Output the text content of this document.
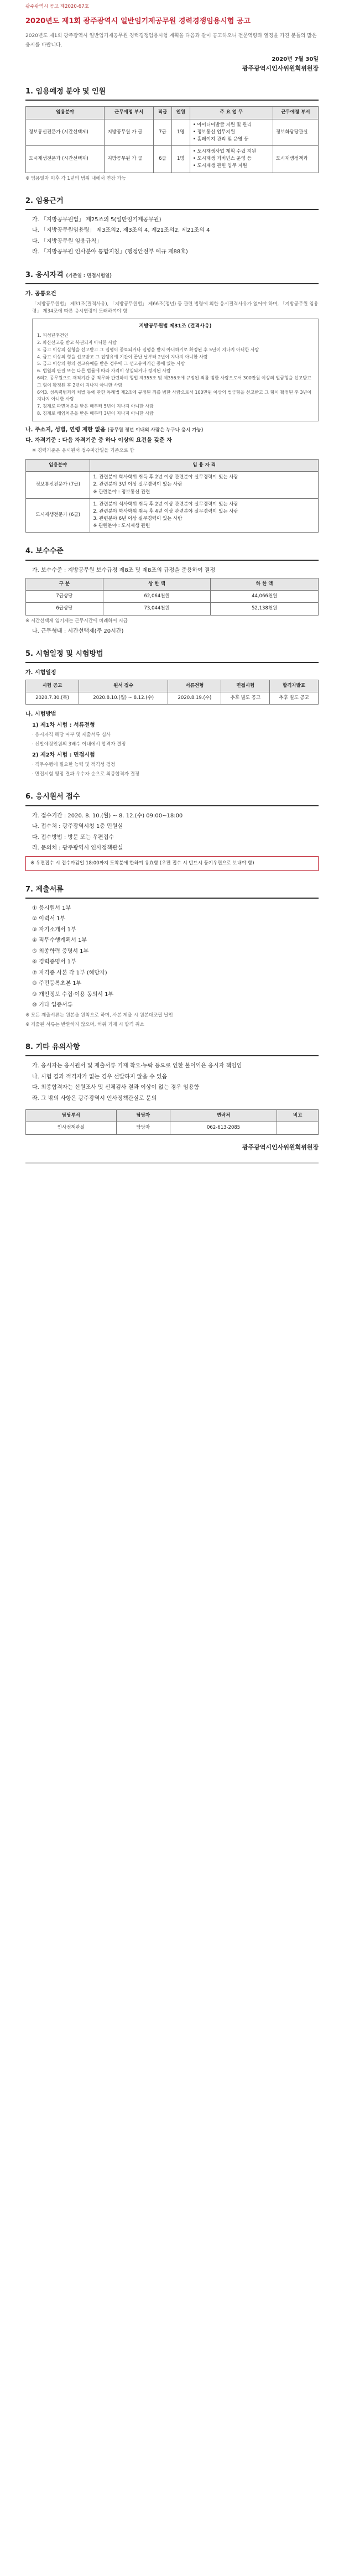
광주광역시 공고 제2020-67호
2020년도 제1회 광주광역시 일반임기제공무원 경력경쟁임용시험 공고
2020년도 제1회 광주광역시 일반임기제공무원 경력경쟁임용시험 계획을 다음과 같이 공고하오니 전문역량과 열정을 가진 분들의 많은 응시를 바랍니다.
2020년 7월 30일
광주광역시인사위원회위원장
1. 임용예정 분야 및 인원
임용분야	근무예정 부서	직급	인원	주 요 업 무	근무예정 부서
정보통신전문가 (시간선택제)	지방공무원 가 급	7급	1명	• 아이디어발굴 지원 및 관리
• 정보통신 업무지원
• 홈페이지 관리 및 운영 등	정보화담당관실
도시재생전문가 (시간선택제)	지방공무원 가 급	6급	1명	• 도시재생사업 계획 수립 지원
• 도시재생 거버넌스 운영 등
• 도시재생 관련 업무 지원	도시재생정책과
※ 임용일자 이후 각 1년의 범위 내에서 연장 가능
2. 임용근거
가. 「지방공무원법」 제25조의 5(일반임기제공무원)
나. 「지방공무원임용령」 제3조의2, 제3조의 4, 제21조의2, 제21조의 4
다. 「지방공무원 임용규칙」
라. 「지방공무원 인사분야 통합지침」(행정안전부 예규 제88호)
3. 응시자격 (기준일 : 면접시험일)
가. 공통요건
「지방공무원법」 제31조(결격사유), 「지방공무원법」 제66조(정년) 등 관련 법령에 의한 응시결격사유가 없어야 하며, 「지방공무원 임용령」 제34조에 따른 응시연령이 도래하여야 함
지방공무원법 제31조 (결격사유)
1. 피성년후견인
2. 파산선고를 받고 복권되지 아니한 사람
3. 금고 이상의 실형을 선고받고 그 집행이 종료되거나 집행을 받지 아니하기로 확정된 후 5년이 지나지 아니한 사람
4. 금고 이상의 형을 선고받고 그 집행유예 기간이 끝난 날부터 2년이 지나지 아니한 사람
5. 금고 이상의 형의 선고유예를 받은 경우에 그 선고유예기간 중에 있는 사람
6. 법원의 판결 또는 다른 법률에 따라 자격이 상실되거나 정지된 사람
6의2. 공무원으로 재직기간 중 직무와 관련하여 형법 제355조 및 제356조에 규정된 죄를 범한 사람으로서 300만원 이상의 벌금형을 선고받고 그 형이 확정된 후 2년이 지나지 아니한 사람
6의3. 성폭력범죄의 처벌 등에 관한 특례법 제2조에 규정된 죄를 범한 사람으로서 100만원 이상의 벌금형을 선고받고 그 형이 확정된 후 3년이 지나지 아니한 사람
7. 징계로 파면처분을 받은 때부터 5년이 지나지 아니한 사람
8. 징계로 해임처분을 받은 때부터 3년이 지나지 아니한 사람
나. 주소지, 성별, 연령 제한 없음 (공무원 정년 이내의 사람은 누구나 응시 가능)
다. 자격기준 : 다음 자격기준 중 하나 이상의 요건을 갖춘 자
※ 경력기준은 응시원서 접수마감일을 기준으로 함
임용분야	임 용 자 격
정보통신전문가 (7급)	1. 관련분야 학사학위 취득 후 2년 이상 관련분야 실무경력이 있는 사람
2. 관련분야 3년 이상 실무경력이 있는 사람
※ 관련분야 : 정보통신 관련
도시재생전문가 (6급)	1. 관련분야 석사학위 취득 후 2년 이상 관련분야 실무경력이 있는 사람
2. 관련분야 학사학위 취득 후 4년 이상 관련분야 실무경력이 있는 사람
3. 관련분야 6년 이상 실무경력이 있는 사람
※ 관련분야 : 도시재생 관련
4. 보수수준
가. 보수수준 : 지방공무원 보수규정 제8조 및 제8조의 규정을 준용하여 결정
구 분	상 한 액	하 한 액
7급상당	62,064천원	44,066천원
6급상당	73,044천원	52,138천원
※ 시간선택제 임기제는 근무시간에 비례하여 지급
나. 근무형태 : 시간선택제(주 20시간)
5. 시험일정 및 시험방법
가. 시험일정
시험 공고	원서 접수	서류전형	면접시험	합격자발표
2020.7.30.(목)	2020.8.10.(월) ~ 8.12.(수)	2020.8.19.(수)	추후 별도 공고	추후 별도 공고
나. 시험방법
1) 제1차 시험 : 서류전형
· 응시자격 해당 여부 및 제출서류 심사
· 선발예정인원의 3배수 이내에서 합격자 결정
2) 제2차 시험 : 면접시험
· 직무수행에 필요한 능력 및 적격성 검정
· 면접시험 평정 결과 우수자 순으로 최종합격자 결정
6. 응시원서 접수
가. 접수기간 : 2020. 8. 10.(월) ~ 8. 12.(수) 09:00~18:00
나. 접수처 : 광주광역시청 1층 민원실
다. 접수방법 : 방문 또는 우편접수
라. 문의처 : 광주광역시 인사정책관실
※ 우편접수 시 접수마감일 18:00까지 도착분에 한하여 유효함 (우편 접수 시 반드시 등기우편으로 보내야 함)
7. 제출서류
① 응시원서 1부
② 이력서 1부
③ 자기소개서 1부
④ 직무수행계획서 1부
⑤ 최종학력 증명서 1부
⑥ 경력증명서 1부
⑦ 자격증 사본 각 1부 (해당자)
⑧ 주민등록초본 1부
⑨ 개인정보 수집·이용 동의서 1부
⑩ 기타 입증서류
※ 모든 제출서류는 원본을 원칙으로 하며, 사본 제출 시 원본대조필 날인
※ 제출된 서류는 반환하지 않으며, 허위 기재 시 합격 취소
8. 기타 유의사항
가. 응시자는 응시원서 및 제출서류 기재 착오·누락 등으로 인한 불이익은 응시자 책임임
나. 시험 결과 적격자가 없는 경우 선발하지 않을 수 있음
다. 최종합격자는 신원조사 및 신체검사 결과 이상이 없는 경우 임용함
라. 그 밖의 사항은 광주광역시 인사정책관실로 문의
담당부서	담당자	연락처	비고
인사정책관실	담당자	062-613-2085	
광주광역시인사위원회위원장
